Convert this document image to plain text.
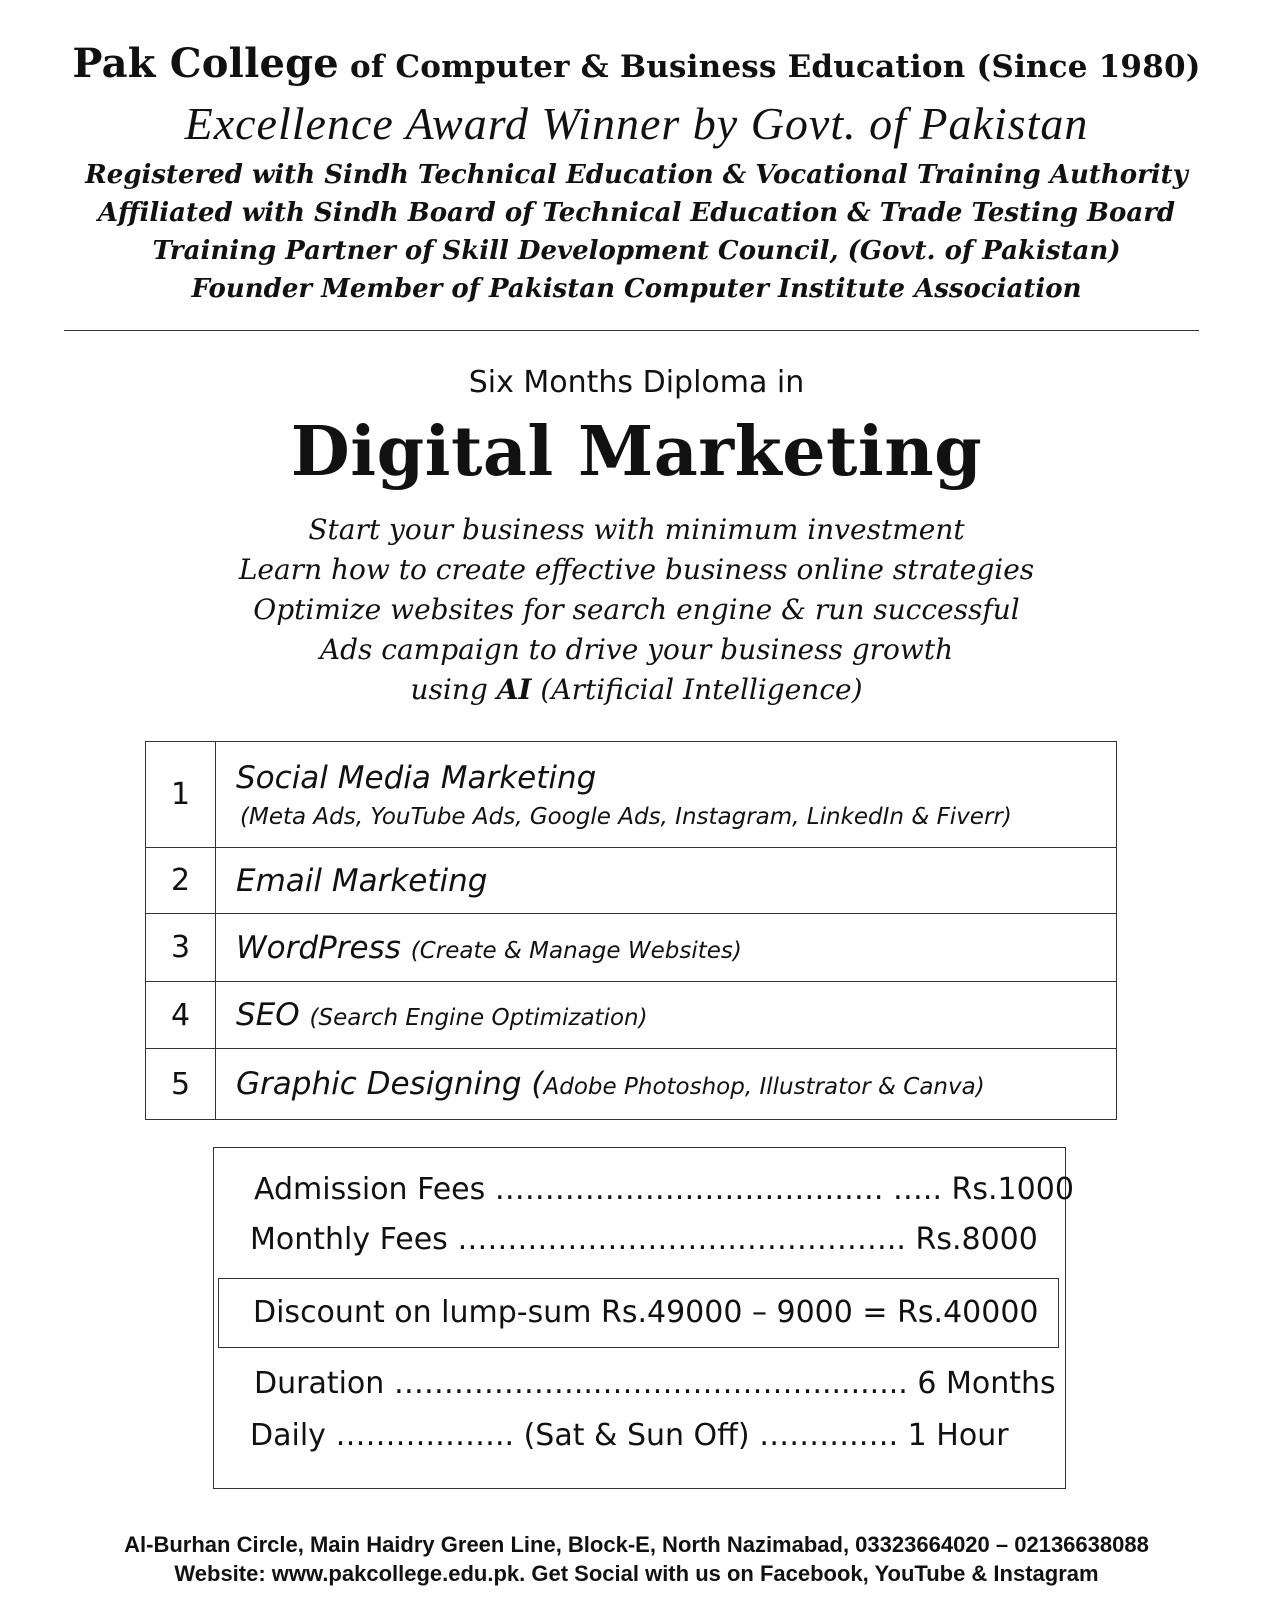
Pak College of Computer & Business Education (Since 1980)
Excellence Award Winner by Govt. of Pakistan
Registered with Sindh Technical Education & Vocational Training Authority
Affiliated with Sindh Board of Technical Education & Trade Testing Board
Training Partner of Skill Development Council, (Govt. of Pakistan)
Founder Member of Pakistan Computer Institute Association
Six Months Diploma in
Digital Marketing
Start your business with minimum investment
Learn how to create effective business online strategies
Optimize websites for search engine & run successful
Ads campaign to drive your business growth
using AI (Artificial Intelligence)
1	Social Media Marketing
(Meta Ads, YouTube Ads, Google Ads, Instagram, LinkedIn & Fiverr)

2	Email Marketing
3	WordPress (Create & Manage Websites)
4	SEO (Search Engine Optimization)
5	Graphic Designing (Adobe Photoshop, Illustrator & Canva)
Admission Fees ……………….…………….…. ….. Rs.1000
Monthly Fees ……………………….…………….. Rs.8000
Discount on lump-sum Rs.49000 – 9000 = Rs.40000
Duration ………………...………………….......... 6 Months
Daily ……….…….. (Sat & Sun Off) ……….…. 1 Hour
Al-Burhan Circle, Main Haidry Green Line, Block-E, North Nazimabad, 03323664020 – 02136638088
Website: www.pakcollege.edu.pk. Get Social with us on Facebook, YouTube & Instagram
